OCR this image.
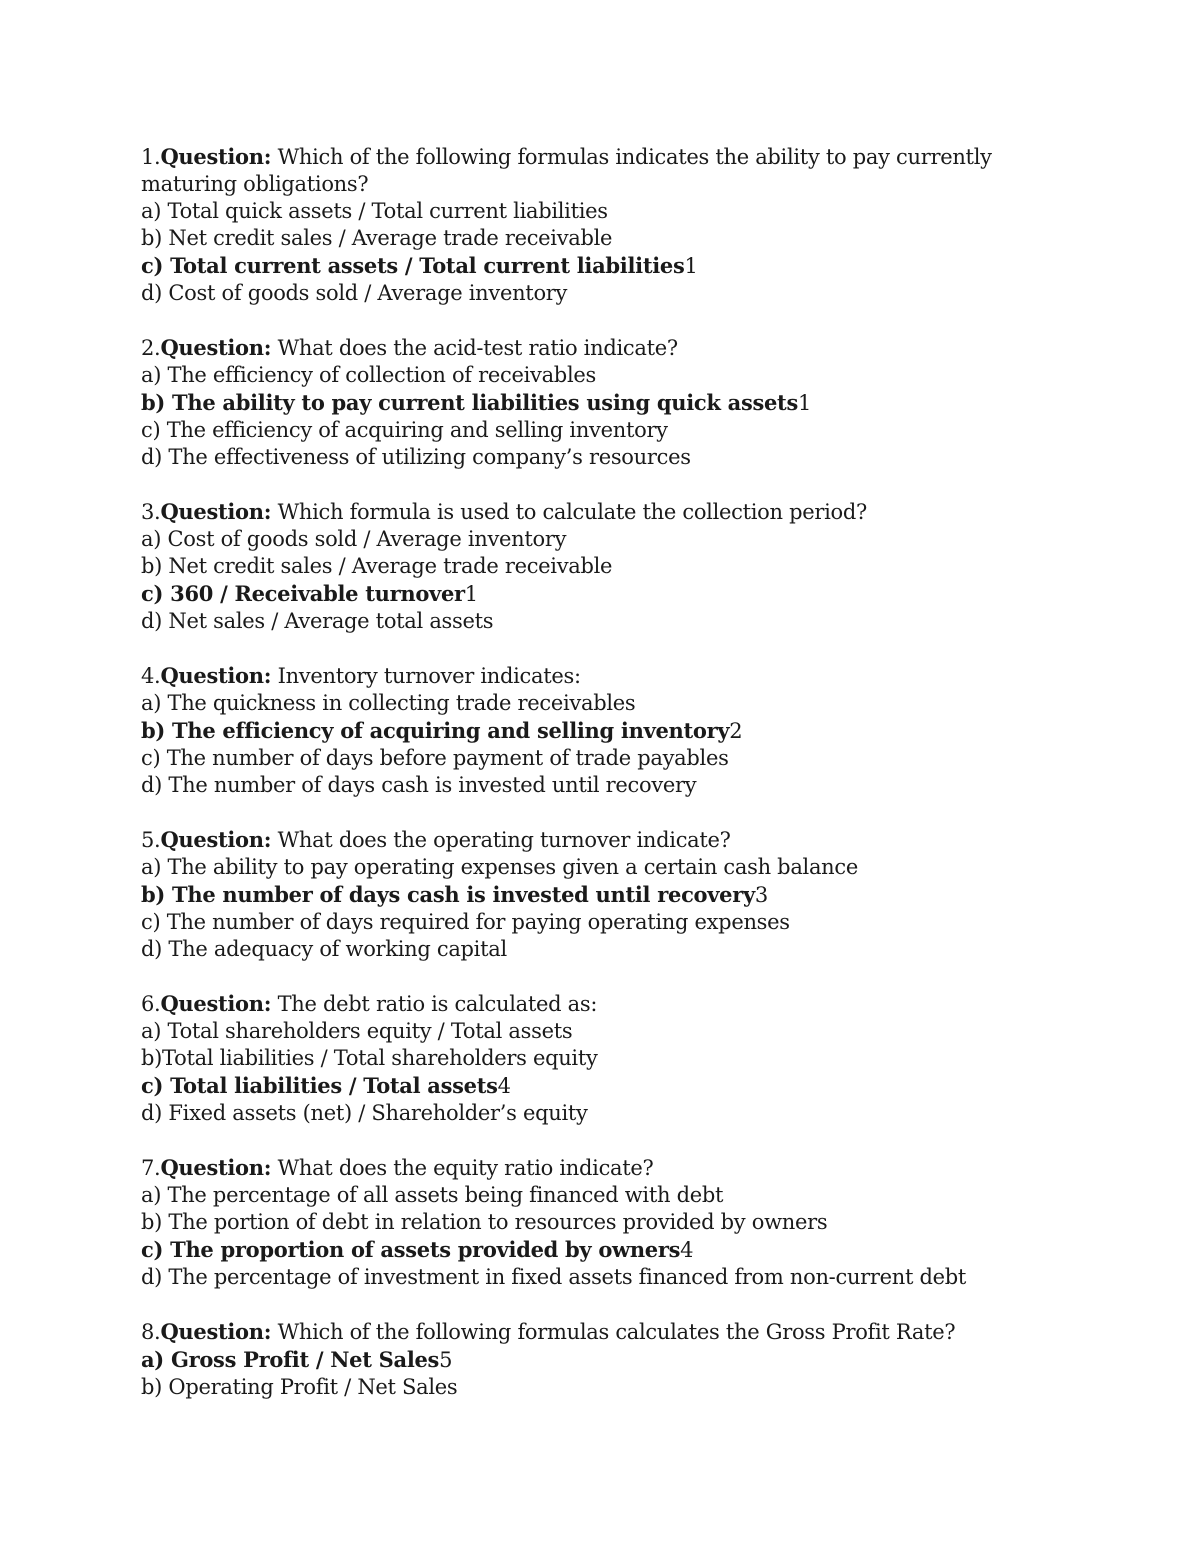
1.Question: Which of the following formulas indicates the ability to pay currently maturing obligations?
a) Total quick assets / Total current liabilities
b) Net credit sales / Average trade receivable
c) Total current assets / Total current liabilities1
d) Cost of goods sold / Average inventory
2.Question: What does the acid-test ratio indicate?
a) The efficiency of collection of receivables
b) The ability to pay current liabilities using quick assets1
c) The efficiency of acquiring and selling inventory
d) The effectiveness of utilizing company’s resources
3.Question: Which formula is used to calculate the collection period?
a) Cost of goods sold / Average inventory
b) Net credit sales / Average trade receivable
c) 360 / Receivable turnover1
d) Net sales / Average total assets
4.Question: Inventory turnover indicates:
a) The quickness in collecting trade receivables
b) The efficiency of acquiring and selling inventory2
c) The number of days before payment of trade payables
d) The number of days cash is invested until recovery
5.Question: What does the operating turnover indicate?
a) The ability to pay operating expenses given a certain cash balance
b) The number of days cash is invested until recovery3
c) The number of days required for paying operating expenses
d) The adequacy of working capital
6.Question: The debt ratio is calculated as:
a) Total shareholders equity / Total assets
b)Total liabilities / Total shareholders equity
c) Total liabilities / Total assets4
d) Fixed assets (net) / Shareholder’s equity
7.Question: What does the equity ratio indicate?
a) The percentage of all assets being financed with debt
b) The portion of debt in relation to resources provided by owners
c) The proportion of assets provided by owners4
d) The percentage of investment in fixed assets financed from non-current debt
8.Question: Which of the following formulas calculates the Gross Profit Rate?
a) Gross Profit / Net Sales5
b) Operating Profit / Net Sales
